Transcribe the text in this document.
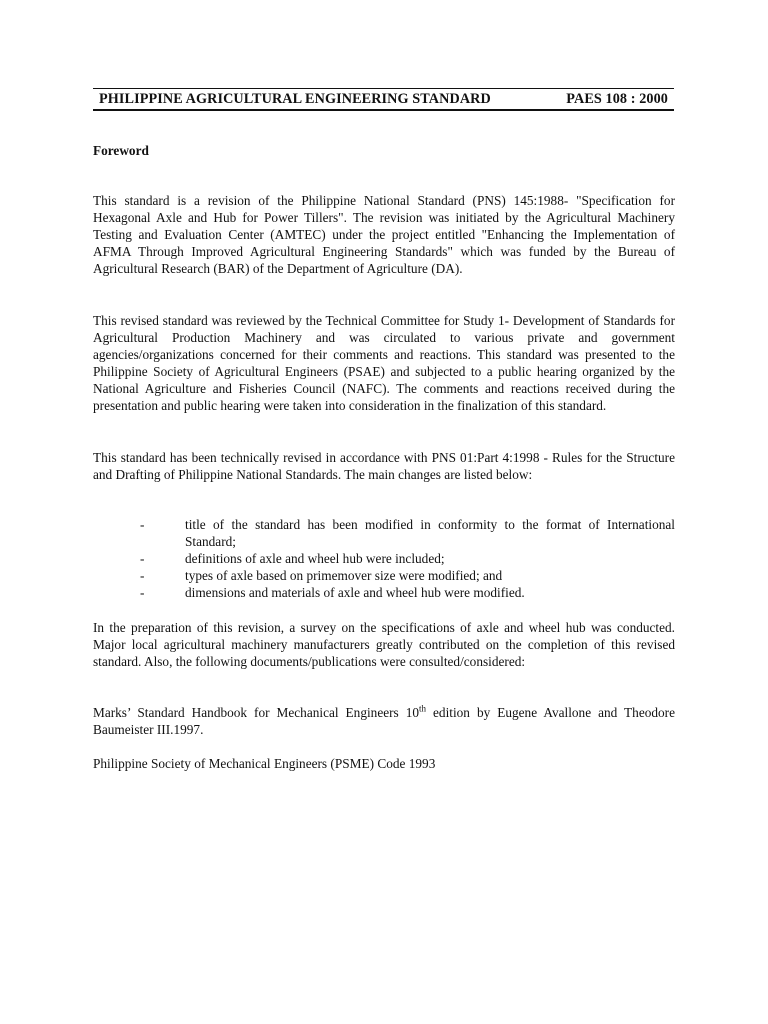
PHILIPPINE AGRICULTURAL ENGINEERING STANDARD	PAES 108 : 2000
Foreword

This standard is a revision of the Philippine National Standard (PNS) 145:1988- "Specification for Hexagonal Axle and Hub for Power Tillers". The revision was initiated by the Agricultural Machinery Testing and Evaluation Center (AMTEC) under the project entitled "Enhancing the Implementation of AFMA Through Improved Agricultural Engineering Standards" which was funded by the Bureau of Agricultural Research (BAR) of the Department of Agriculture (DA).

This revised standard was reviewed by the Technical Committee for Study 1- Development of Standards for Agricultural Production Machinery and was circulated to various private and government agencies/organizations concerned for their comments and reactions. This standard was presented to the Philippine Society of Agricultural Engineers (PSAE) and subjected to a public hearing organized by the National Agriculture and Fisheries Council (NAFC). The comments and reactions received during the presentation and public hearing were taken into consideration in the finalization of this standard.

This standard has been technically revised in accordance with PNS 01:Part 4:1998 - Rules for the Structure and Drafting of Philippine National Standards. The main changes are listed below:

-	title of the standard has been modified in conformity to the format of International Standard;
-	definitions of axle and wheel hub were included;
-	types of axle based on primemover size were modified; and
-	dimensions and materials of axle and wheel hub were modified.

In the preparation of this revision, a survey on the specifications of axle and wheel hub was conducted. Major local agricultural machinery manufacturers greatly contributed on the completion of this revised standard. Also, the following documents/publications were consulted/considered:

Marks’ Standard Handbook for Mechanical Engineers 10th edition by Eugene Avallone and Theodore Baumeister III.1997.

Philippine Society of Mechanical Engineers (PSME) Code 1993
